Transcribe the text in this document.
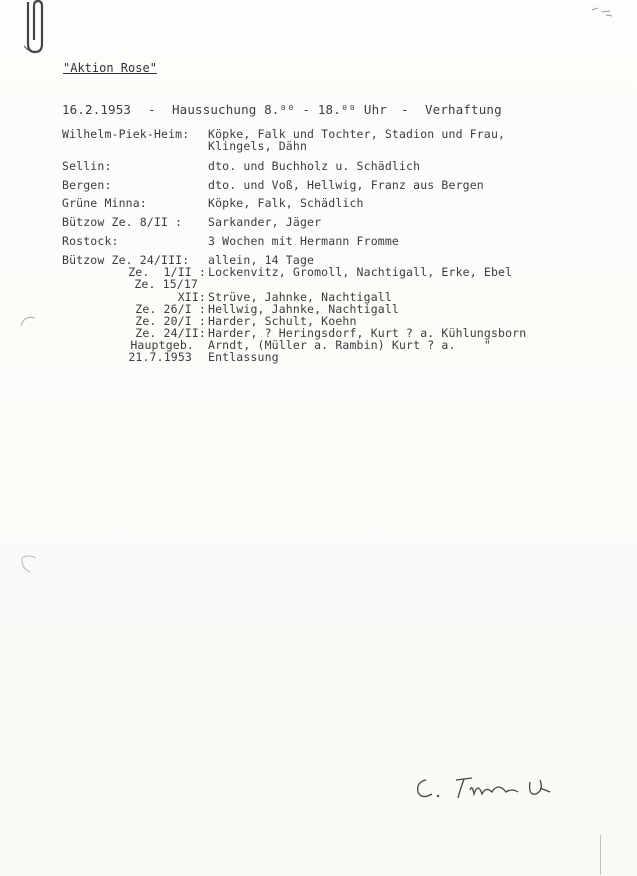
"Aktion Rose"
16.2.1953 - Haussuchung 8.⁰⁰ - 18.⁰⁰ Uhr - Verhaftung
Wilhelm-Piek-Heim: Köpke, Falk und Tochter, Stadion und Frau,
Klingels, Dähn
Sellin:	dto. und Buchholz u. Schädlich
Bergen:	dto. und Voß, Hellwig, Franz aus Bergen
Grüne Minna:	Köpke, Falk, Schädlich
Bützow Ze. 8/II : Sarkander, Jäger
Rostock:	3 Wochen mit Hermann Fromme
Bützow Ze. 24/III: allein, 14 Tage
Ze.  1/II : Lockenvitz, Gromoll, Nachtigall, Erke, Ebel
Ze. 15/17
XII: Strüve, Jahnke, Nachtigall
Ze. 26/I : Hellwig, Jahnke, Nachtigall
Ze. 20/I : Harder, Schult, Koehn
Ze. 24/II: Harder, ? Heringsdorf, Kurt ? a. Kühlungsborn
Hauptgeb. Arndt, (Müller a. Rambin) Kurt ? a.    "
21.7.1953 Entlassung
